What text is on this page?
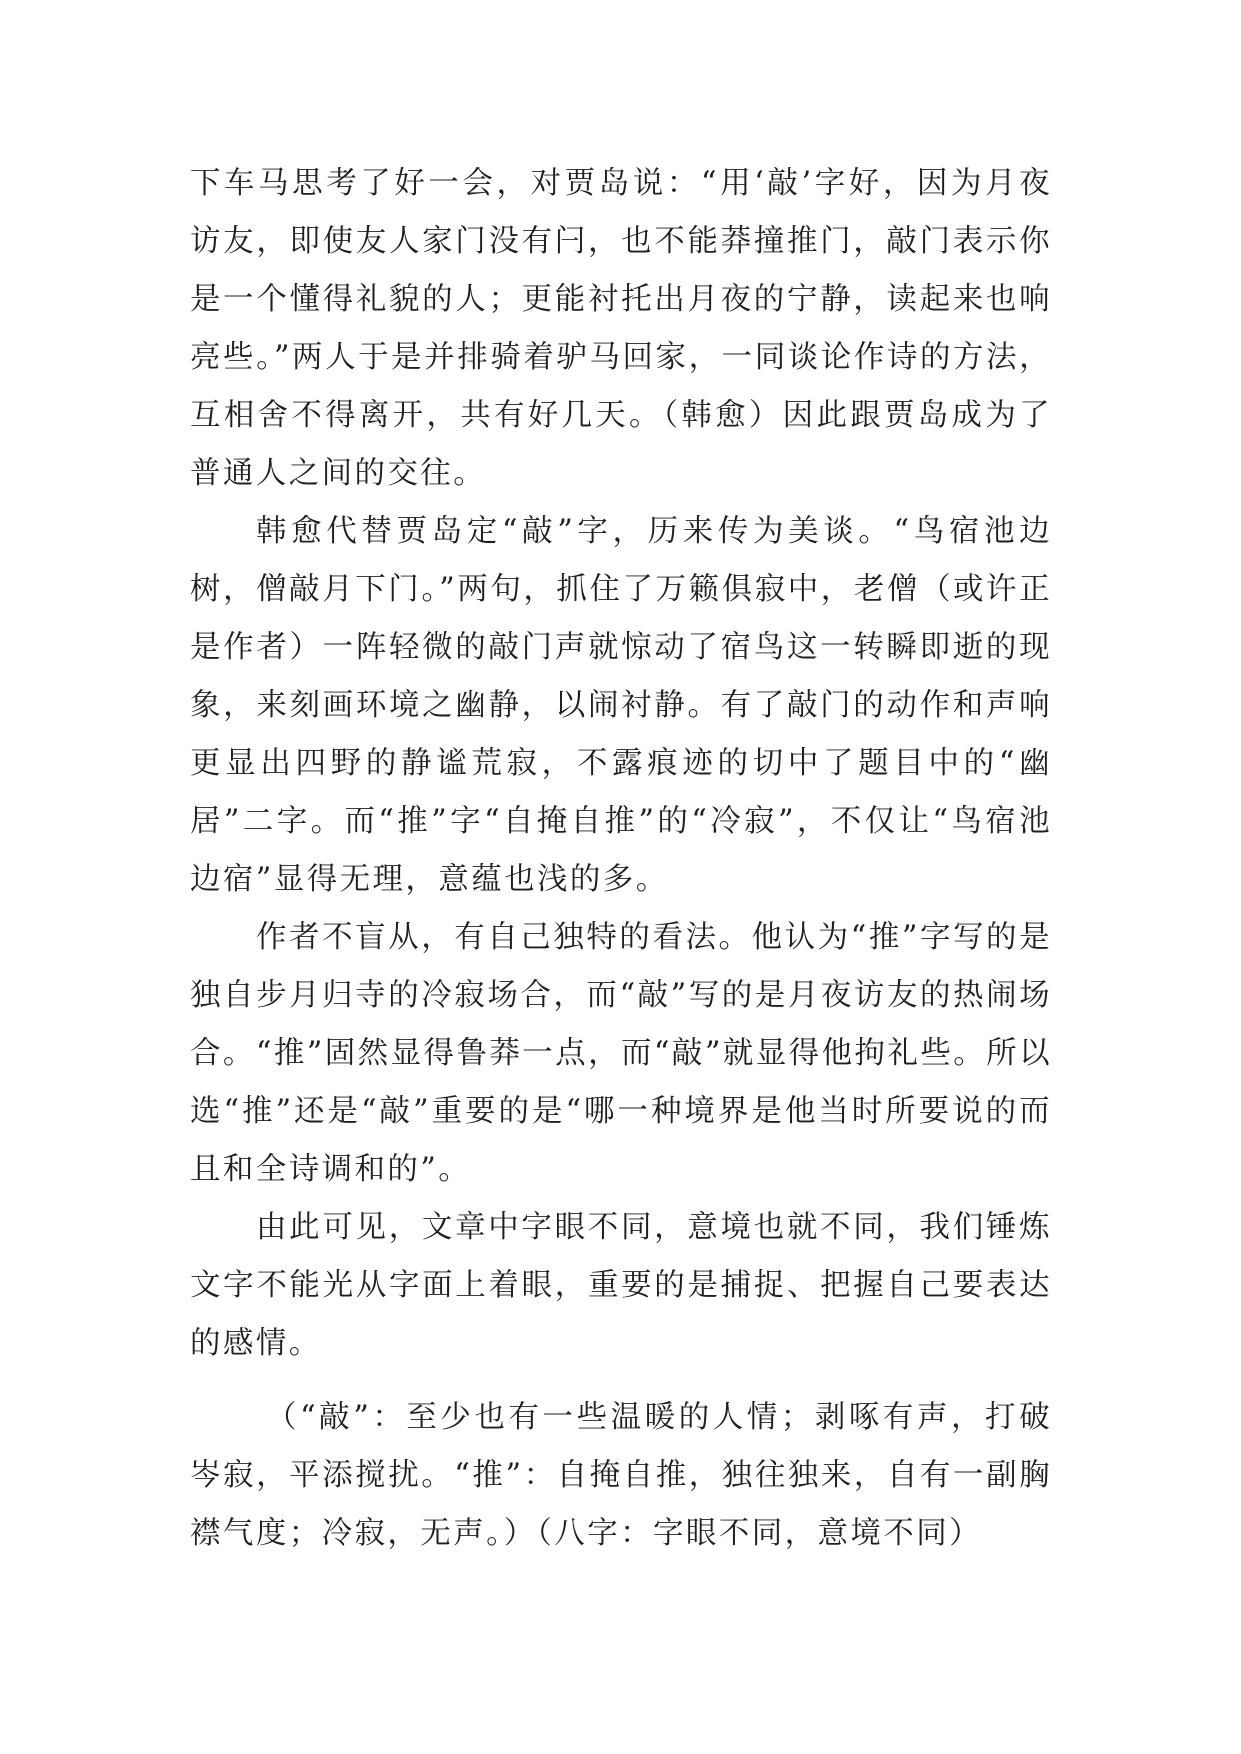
下车马思考了好一会，对贾岛说：“用‘敲’字好，因为月夜访友，即使友人家门没有闩，也不能莽撞推门，敲门表示你是一个懂得礼貌的人；更能衬托出月夜的宁静，读起来也响亮些。”两人于是并排骑着驴马回家，一同谈论作诗的方法，互相舍不得离开，共有好几天。（韩愈）因此跟贾岛成为了普通人之间的交往。

韩愈代替贾岛定“敲”字，历来传为美谈。“鸟宿池边树，僧敲月下门。”两句，抓住了万籁俱寂中，老僧（或许正是作者）一阵轻微的敲门声就惊动了宿鸟这一转瞬即逝的现象，来刻画环境之幽静，以闹衬静。有了敲门的动作和声响更显出四野的静谧荒寂，不露痕迹的切中了题目中的“幽居”二字。而“推”字“自掩自推”的“冷寂”，不仅让“鸟宿池边宿”显得无理，意蕴也浅的多。

作者不盲从，有自己独特的看法。他认为“推”字写的是独自步月归寺的冷寂场合，而“敲”写的是月夜访友的热闹场合。“推”固然显得鲁莽一点，而“敲”就显得他拘礼些。所以选“推”还是“敲”重要的是“哪一种境界是他当时所要说的而且和全诗调和的”。

由此可见，文章中字眼不同，意境也就不同，我们锤炼文字不能光从字面上着眼，重要的是捕捉、把握自己要表达的感情。

（“敲”：至少也有一些温暖的人情；剥啄有声，打破岑寂，平添搅扰。“推”：自掩自推，独往独来，自有一副胸襟气度；冷寂，无声。）（八字：字眼不同，意境不同）
